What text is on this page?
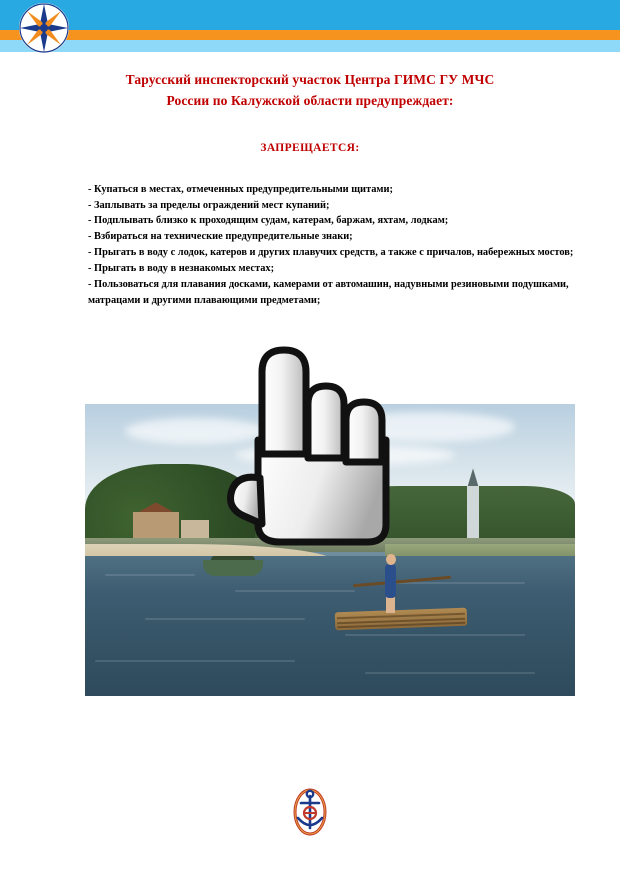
Тарусский инспекторский участок Центра ГИМС ГУ МЧС
России по Калужской области предупреждает:
ЗАПРЕЩАЕТСЯ:
- Купаться в местах, отмеченных предупредительными щитами;
- Заплывать за пределы ограждений мест купаний;
- Подплывать близко к проходящим судам, катерам, баржам, яхтам, лодкам;
- Взбираться на технические предупредительные знаки;
- Прыгать в воду с лодок, катеров и других плавучих средств, а также с причалов, набережных мостов;
- Прыгать в воду в незнакомых местах;
- Пользоваться для плавания досками, камерами от автомашин, надувными резиновыми подушками, матрацами и другими плавающими предметами;
